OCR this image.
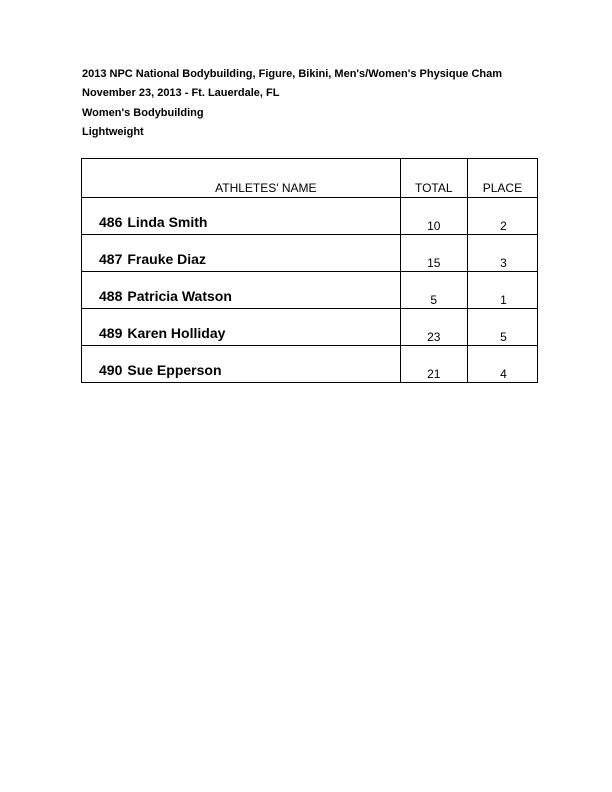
2013 NPC National Bodybuilding, Figure, Bikini, Men's/Women's Physique Cham
November 23, 2013 - Ft. Lauerdale, FL
Women's Bodybuilding
Lightweight
ATHLETES' NAME	TOTAL	PLACE
486 Linda Smith	10	2
487 Frauke Diaz	15	3
488 Patricia Watson	5	1
489 Karen Holliday	23	5
490 Sue Epperson	21	4
